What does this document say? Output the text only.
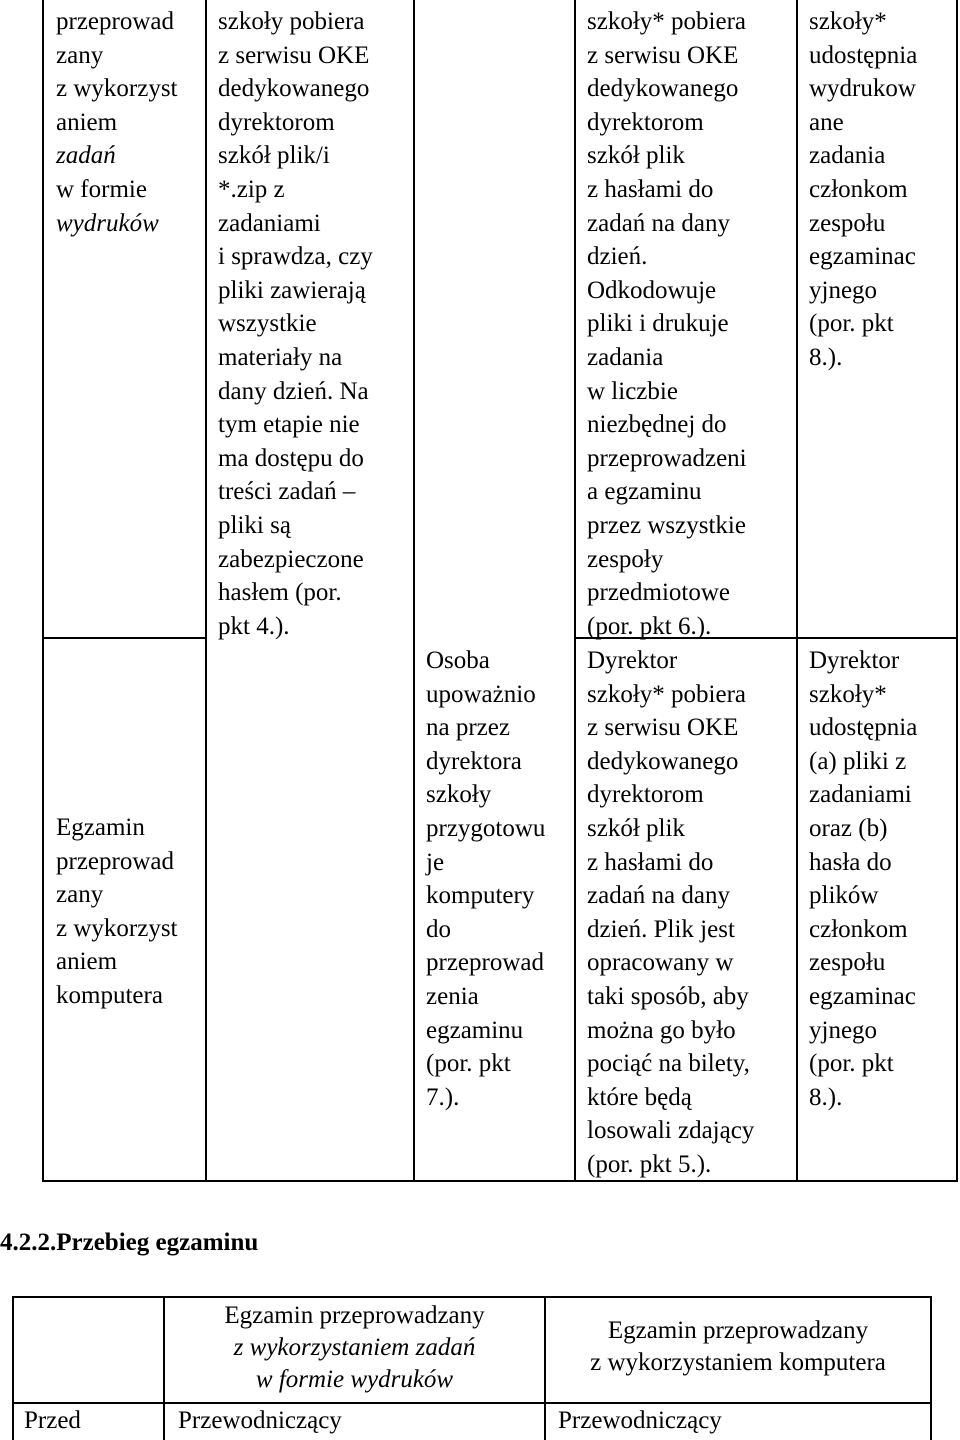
przeprowad
zany
z wykorzyst
aniem
zadań
w formie
wydruków
Egzamin
przeprowad
zany
z wykorzyst
aniem
komputera
szkoły pobiera
z serwisu OKE
dedykowanego
dyrektorom
szkół plik/i
*.zip z
zadaniami
i sprawdza, czy
pliki zawierają
wszystkie
materiały na
dany dzień. Na
tym etapie nie
ma dostępu do
treści zadań –
pliki są
zabezpieczone
hasłem (por.
pkt 4.).
Osoba
upoważnio
na przez
dyrektora
szkoły
przygotowu
je
komputery
do
przeprowad
zenia
egzaminu
(por. pkt
7.).
szkoły* pobiera
z serwisu OKE
dedykowanego
dyrektorom
szkół plik
z hasłami do
zadań na dany
dzień.
Odkodowuje
pliki i drukuje
zadania
w liczbie
niezbędnej do
przeprowadzeni
a egzaminu
przez wszystkie
zespoły
przedmiotowe
(por. pkt 6.).
Dyrektor
szkoły* pobiera
z serwisu OKE
dedykowanego
dyrektorom
szkół plik
z hasłami do
zadań na dany
dzień. Plik jest
opracowany w
taki sposób, aby
można go było
pociąć na bilety,
które będą
losowali zdający
(por. pkt 5.).
szkoły*
udostępnia
wydrukow
ane
zadania
członkom
zespołu
egzaminac
yjnego
(por. pkt
8.).
Dyrektor
szkoły*
udostępnia
(a) pliki z
zadaniami
oraz (b)
hasła do
plików
członkom
zespołu
egzaminac
yjnego
(por. pkt
8.).
4.2.2.Przebieg egzaminu
Egzamin przeprowadzany
z wykorzystaniem zadań
w formie wydruków
Egzamin przeprowadzany
z wykorzystaniem komputera
Przed	Przewodniczący	Przewodniczący
